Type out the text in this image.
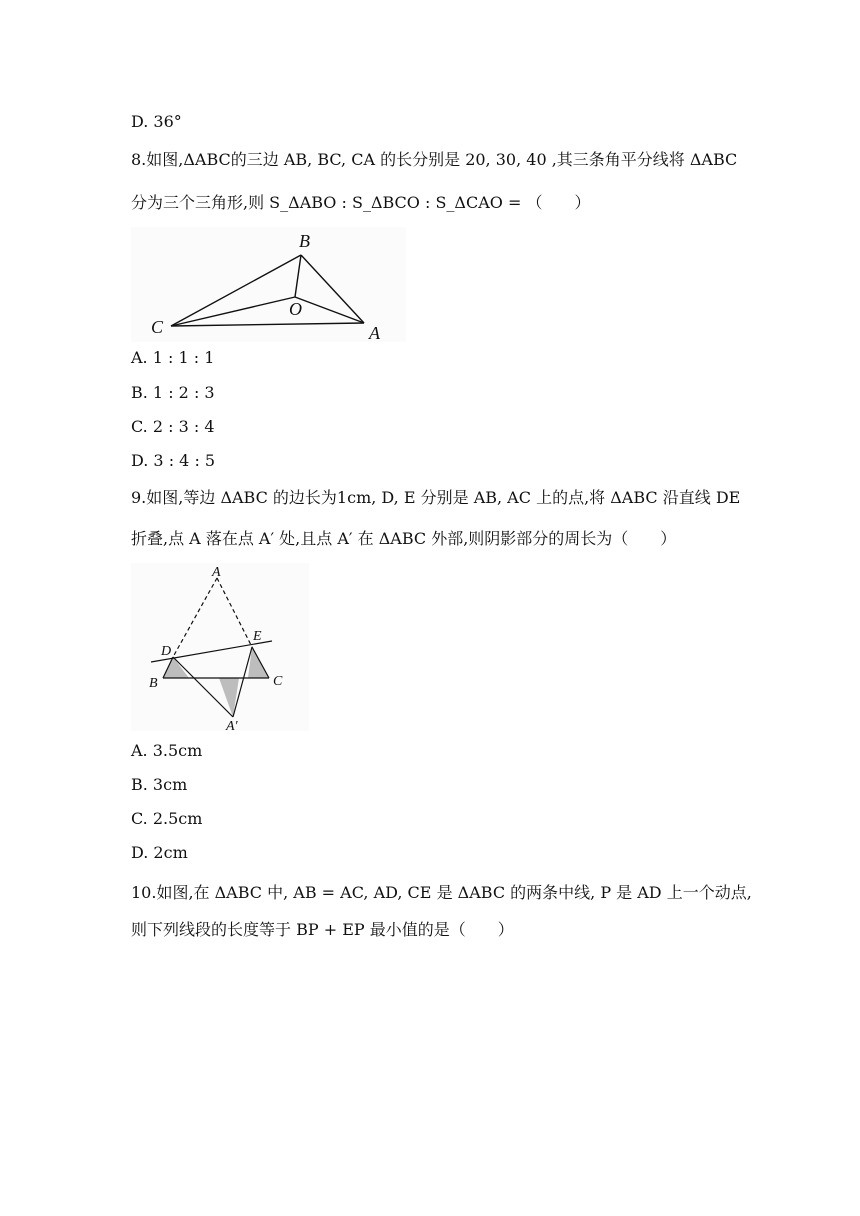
D. 36°
8.如图,ΔABC的三边 AB, BC, CA 的长分别是 20, 30, 40 ,其三条角平分线将 ΔABC
分为三个三角形,则 S_ΔABO : S_ΔBCO : S_ΔCAO = （　　）
B
O
C	A
A. 1 : 1 : 1
B. 1 : 2 : 3
C. 2 : 3 : 4
D. 3 : 4 : 5
9.如图,等边 ΔABC 的边长为1cm, D, E 分别是 AB, AC 上的点,将 ΔABC 沿直线 DE
折叠,点 A 落在点 A′ 处,且点 A′ 在 ΔABC 外部,则阴影部分的周长为（　　）
A
D
E
B	C
A′
A. 3.5cm
B. 3cm
C. 2.5cm
D. 2cm
10.如图,在 ΔABC 中, AB = AC, AD, CE 是 ΔABC 的两条中线, P 是 AD 上一个动点,
则下列线段的长度等于 BP + EP 最小值的是（　　）
